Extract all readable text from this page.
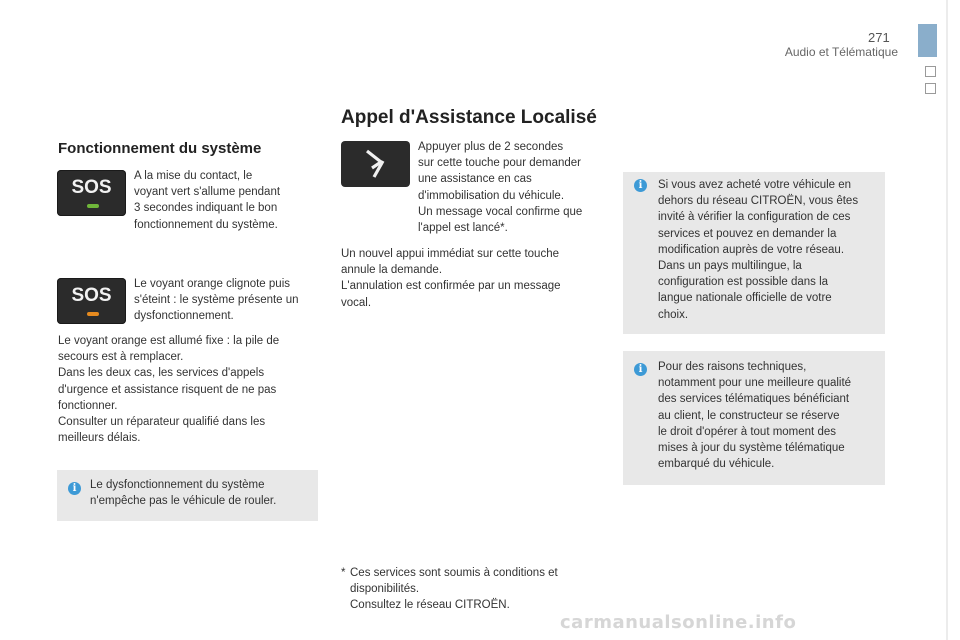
271
Audio et Télématique
Fonctionnement du système
SOS
A la mise du contact, le
voyant vert s'allume pendant
3 secondes indiquant le bon
fonctionnement du système.
SOS
Le voyant orange clignote puis
s'éteint : le système présente un
dysfonctionnement.
Le voyant orange est allumé fixe : la pile de
secours est à remplacer.
Dans les deux cas, les services d'appels
d'urgence et assistance risquent de ne pas
fonctionner.
Consulter un réparateur qualifié dans les
meilleurs délais.
i	Le dysfonctionnement du système
n'empêche pas le véhicule de rouler.
Appel d'Assistance Localisé
Appuyer plus de 2 secondes
sur cette touche pour demander
une assistance en cas
d'immobilisation du véhicule.
Un message vocal confirme que
l'appel est lancé*.
Un nouvel appui immédiat sur cette touche
annule la demande.
L'annulation est confirmée par un message
vocal.
* Ces services sont soumis à conditions et
disponibilités.
Consultez le réseau CITROËN.
i	Si vous avez acheté votre véhicule en
dehors du réseau CITROËN, vous êtes
invité à vérifier la configuration de ces
services et pouvez en demander la
modification auprès de votre réseau.
Dans un pays multilingue, la
configuration est possible dans la
langue nationale officielle de votre
choix.
i	Pour des raisons techniques,
notamment pour une meilleure qualité
des services télématiques bénéficiant
au client, le constructeur se réserve
le droit d'opérer à tout moment des
mises à jour du système télématique
embarqué du véhicule.
carmanualsonline.info
